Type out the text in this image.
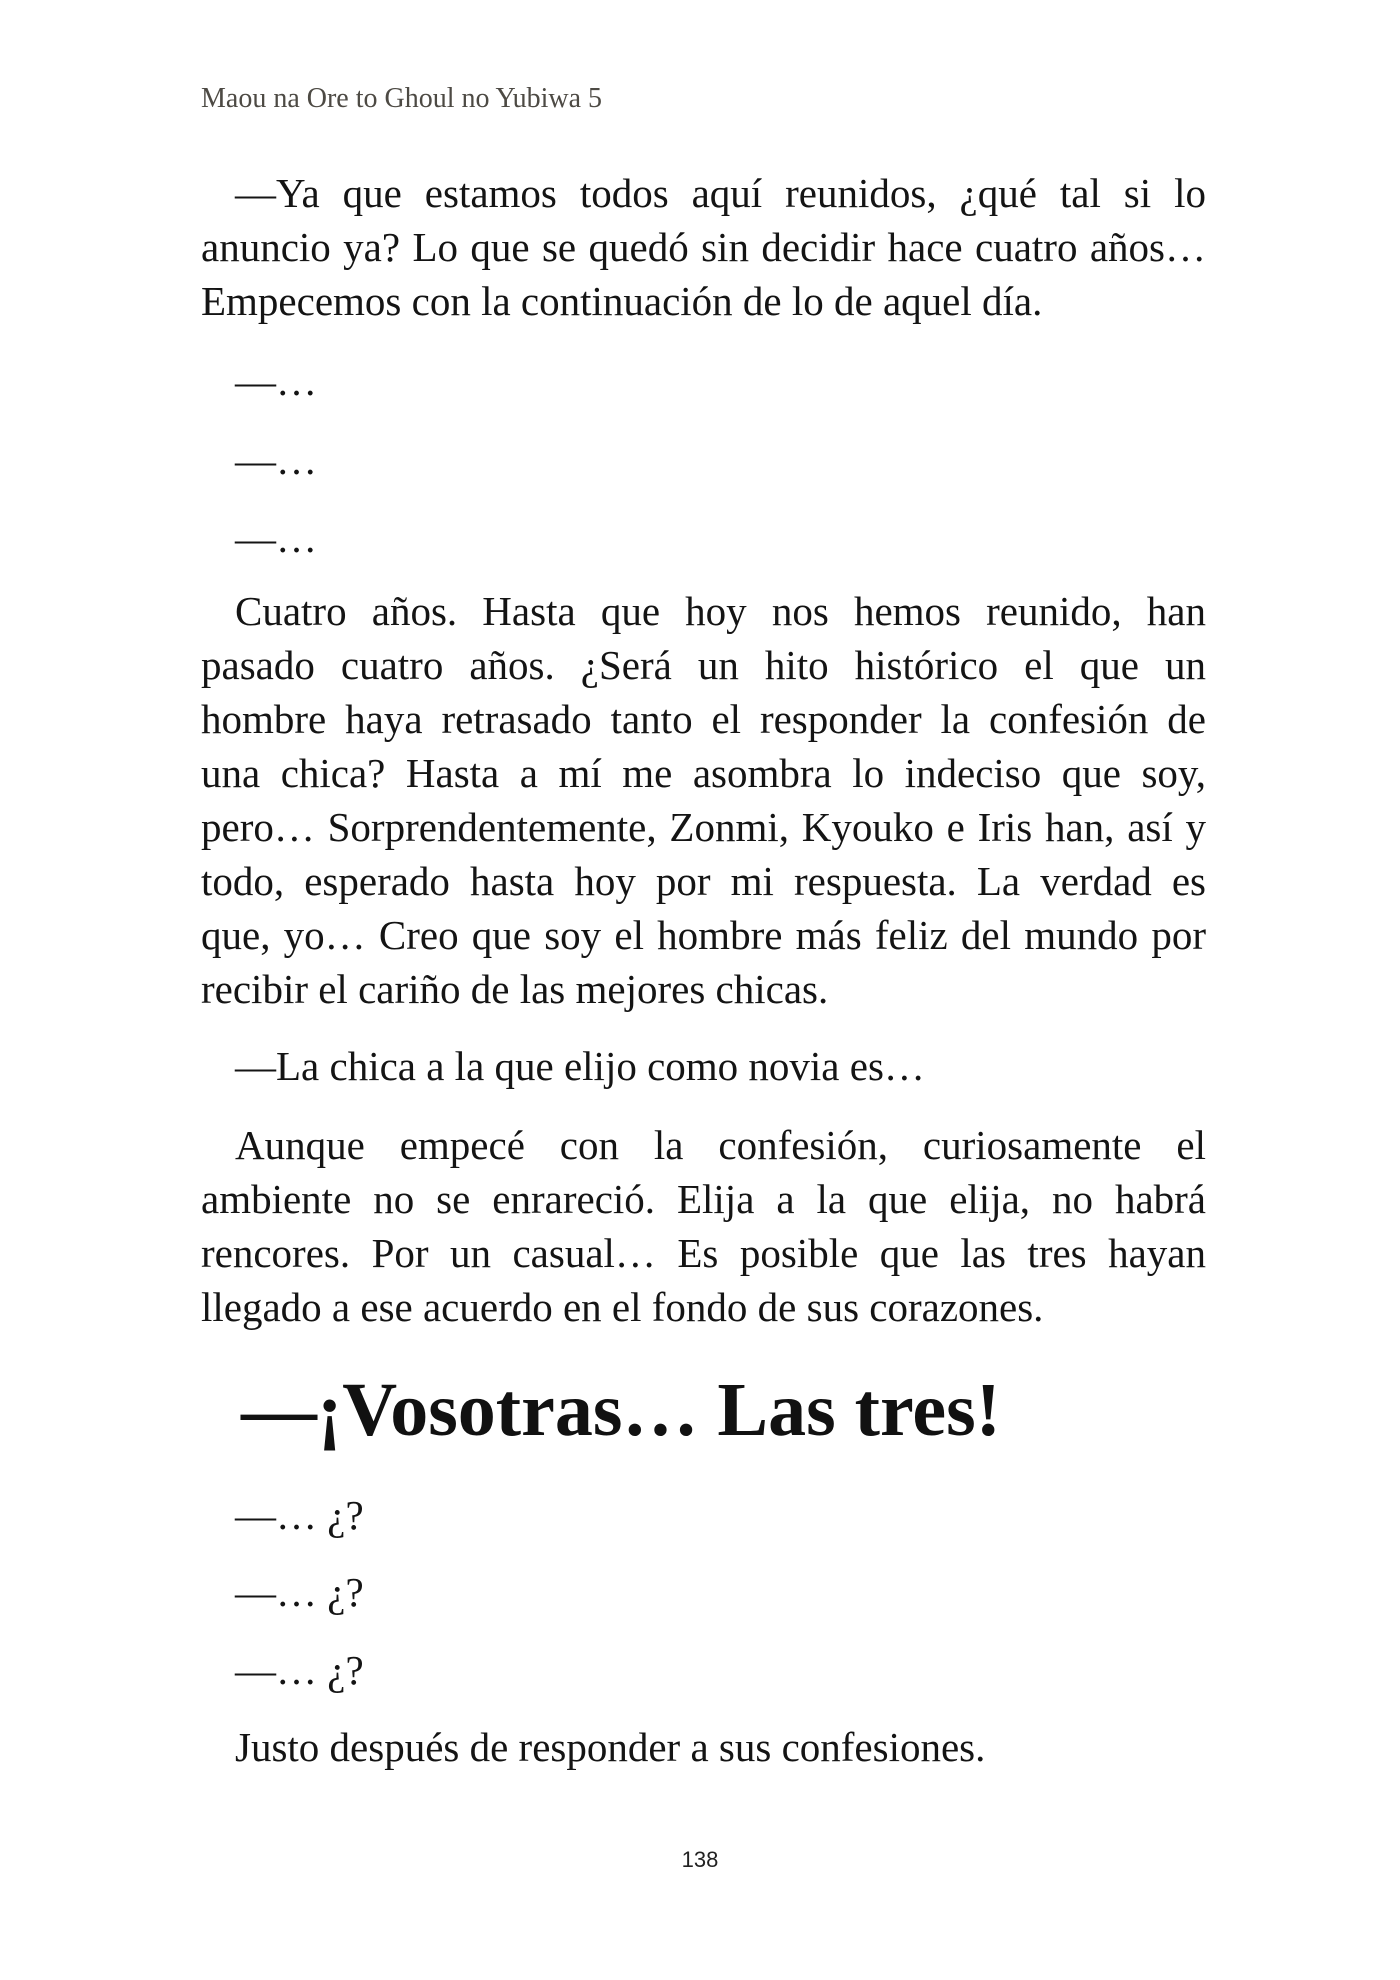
Maou na Ore to Ghoul no Yubiwa 5
—Ya que estamos todos aquí reunidos, ¿qué tal si lo
anuncio ya? Lo que se quedó sin decidir hace cuatro años…
Empecemos con la continuación de lo de aquel día.
—…
—…
—…
Cuatro años. Hasta que hoy nos hemos reunido, han
pasado cuatro años. ¿Será un hito histórico el que un
hombre haya retrasado tanto el responder la confesión de
una chica? Hasta a mí me asombra lo indeciso que soy,
pero… Sorprendentemente, Zonmi, Kyouko e Iris han, así y
todo, esperado hasta hoy por mi respuesta. La verdad es
que, yo… Creo que soy el hombre más feliz del mundo por
recibir el cariño de las mejores chicas.
—La chica a la que elijo como novia es…
Aunque empecé con la confesión, curiosamente el
ambiente no se enrareció. Elija a la que elija, no habrá
rencores. Por un casual… Es posible que las tres hayan
llegado a ese acuerdo en el fondo de sus corazones.
—¡Vosotras… Las tres!
—… ¿?
—… ¿?
—… ¿?
Justo después de responder a sus confesiones.
138
